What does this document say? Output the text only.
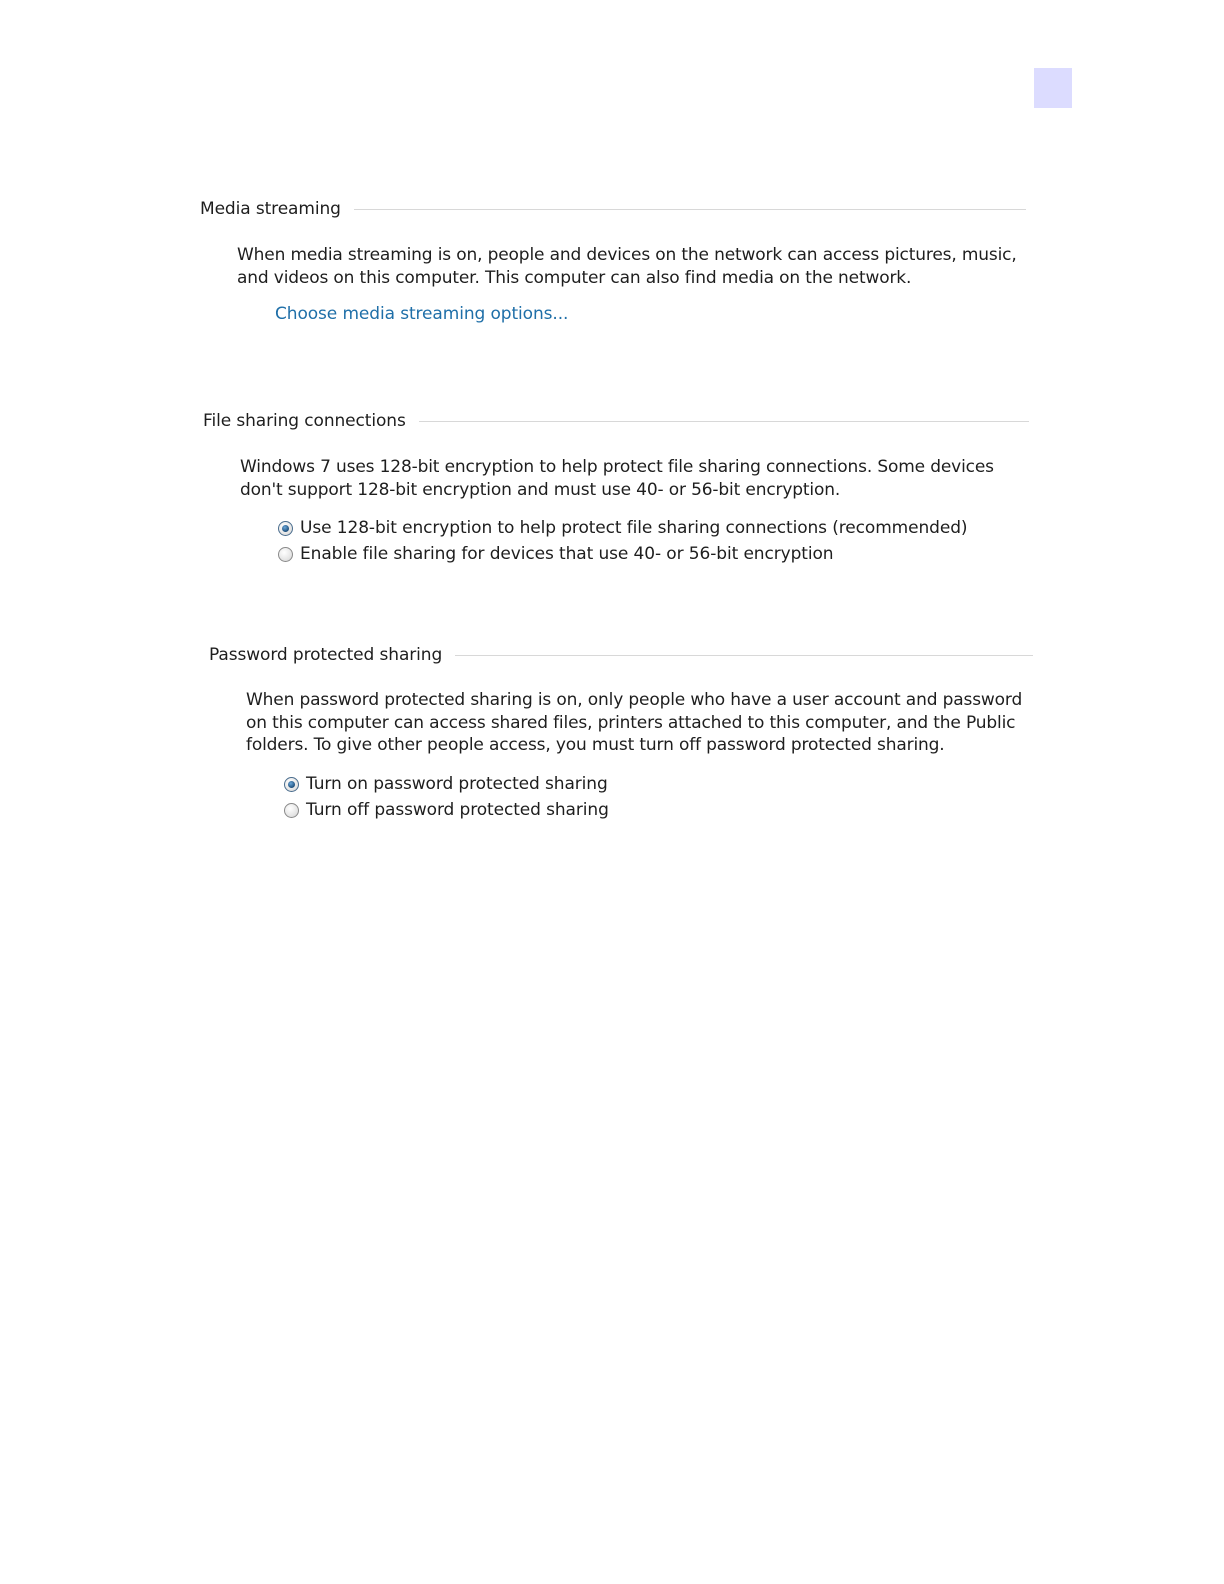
Media streaming

When media streaming is on, people and devices on the network can access pictures, music, and videos on this computer. This computer can also find media on the network.

Choose media streaming options...
File sharing connections

Windows 7 uses 128-bit encryption to help protect file sharing connections. Some devices don't support 128-bit encryption and must use 40- or 56-bit encryption.

Use 128-bit encryption to help protect file sharing connections (recommended)
Enable file sharing for devices that use 40- or 56-bit encryption
Password protected sharing

When password protected sharing is on, only people who have a user account and password on this computer can access shared files, printers attached to this computer, and the Public folders. To give other people access, you must turn off password protected sharing.

Turn on password protected sharing
Turn off password protected sharing
